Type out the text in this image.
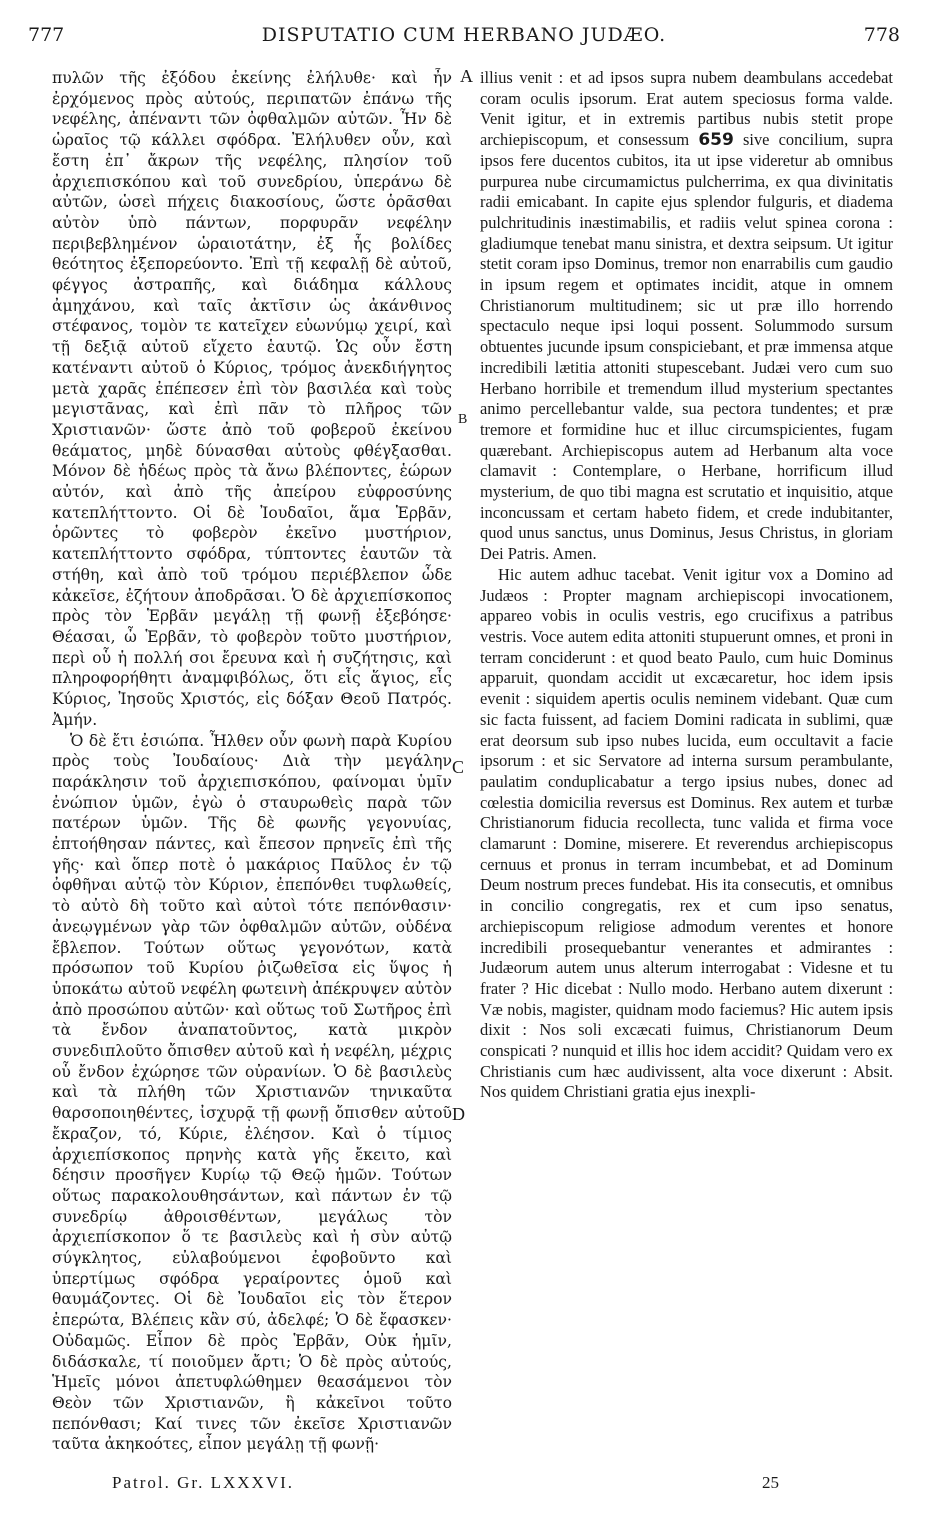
777	DISPUTATIO CUM HERBANO JUDÆO.	778

πυλῶν τῆς ἐξόδου ἐκείνης ἐλήλυθε· καὶ ἦν ἐρχόμενος πρὸς αὐτούς, περιπατῶν ἐπάνω τῆς νεφέλης, ἀπέναντι τῶν ὀφθαλμῶν αὐτῶν. Ἦν δὲ ὡραῖος τῷ κάλλει σφόδρα. Ἐλήλυθεν οὖν, καὶ ἔστη ἐπ᾽ ἄκρων τῆς νεφέλης, πλησίον τοῦ ἀρχιεπισκόπου καὶ τοῦ συνεδρίου, ὑπεράνω δὲ αὐτῶν, ὡσεὶ πήχεις διακοσίους, ὥστε ὁρᾶσθαι αὐτὸν ὑπὸ πάντων, πορφυρᾶν νεφέλην περιβεβλημένον ὡραιοτάτην, ἐξ ἧς βολίδες θεότητος ἐξεπορεύοντο. Ἐπὶ τῇ κεφαλῇ δὲ αὐτοῦ, φέγγος ἀστραπῆς, καὶ διάδημα κάλλους ἀμηχάνου, καὶ ταῖς ἀκτῖσιν ὡς ἀκάνθινος στέφανος, τομὸν τε κατεῖχεν εὐωνύμῳ χειρί, καὶ τῇ δεξιᾷ αὐτοῦ εἴχετο ἑαυτῷ. Ὡς οὖν ἔστη κατέναντι αὐτοῦ ὁ Κύριος, τρόμος ἀνεκδιήγητος μετὰ χαρᾶς ἐπέπεσεν ἐπὶ τὸν βασιλέα καὶ τοὺς μεγιστᾶνας, καὶ ἐπὶ πᾶν τὸ πλῆρος τῶν Χριστιανῶν· ὥστε ἀπὸ τοῦ φοβεροῦ ἐκείνου θεάματος, μηδὲ δύνασθαι αὐτοὺς φθέγξασθαι. Μόνον δὲ ἡδέως πρὸς τὰ ἄνω βλέποντες, ἑώρων αὐτόν, καὶ ἀπὸ τῆς ἀπείρου εὐφροσύνης κατεπλήττοντο. Οἱ δὲ Ἰουδαῖοι, ἅμα Ἑρβᾶν, ὁρῶντες τὸ φοβερὸν ἐκεῖνο μυστήριον, κατεπλήττοντο σφόδρα, τύπτοντες ἑαυτῶν τὰ στήθη, καὶ ἀπὸ τοῦ τρόμου περιέβλεπον ὧδε κἀκεῖσε, ἐζήτουν ἀποδρᾶσαι. Ὁ δὲ ἀρχιεπίσκοπος πρὸς τὸν Ἑρβᾶν μεγάλῃ τῇ φωνῇ ἐξεβόησε· Θέασαι, ὦ Ἑρβᾶν, τὸ φοβερὸν τοῦτο μυστήριον, περὶ οὗ ἡ πολλή σοι ἔρευνα καὶ ἡ συζήτησις, καὶ πληροφορήθητι ἀναμφιβόλως, ὅτι εἷς ἅγιος, εἷς Κύριος, Ἰησοῦς Χριστός, εἰς δόξαν Θεοῦ Πατρός. Ἀμήν.

Ὁ δὲ ἔτι ἐσιώπα. Ἦλθεν οὖν φωνὴ παρὰ Κυρίου πρὸς τοὺς Ἰουδαίους· Διὰ τὴν μεγάλην παράκλησιν τοῦ ἀρχιεπισκόπου, φαίνομαι ὑμῖν ἐνώπιον ὑμῶν, ἐγὼ ὁ σταυρωθεὶς παρὰ τῶν πατέρων ὑμῶν. Τῆς δὲ φωνῆς γεγονυίας, ἐπτοήθησαν πάντες, καὶ ἔπεσον πρηνεῖς ἐπὶ τῆς γῆς· καὶ ὅπερ ποτὲ ὁ μακάριος Παῦλος ἐν τῷ ὀφθῆναι αὐτῷ τὸν Κύριον, ἐπεπόνθει τυφλωθείς, τὸ αὐτὸ δὴ τοῦτο καὶ αὐτοὶ τότε πεπόνθασιν· ἀνεῳγμένων γὰρ τῶν ὀφθαλμῶν αὐτῶν, οὐδένα ἔβλεπον. Τούτων οὕτως γεγονότων, κατὰ πρόσωπον τοῦ Κυρίου ῥιζωθεῖσα εἰς ὕψος ἡ ὑποκάτω αὐτοῦ νεφέλη φωτεινὴ ἀπέκρυψεν αὐτὸν ἀπὸ προσώπου αὐτῶν· καὶ οὕτως τοῦ Σωτῆρος ἐπὶ τὰ ἔνδον ἀναπατοῦντος, κατὰ μικρὸν συνεδιπλοῦτο ὄπισθεν αὐτοῦ καὶ ἡ νεφέλη, μέχρις οὗ ἔνδον ἐχώρησε τῶν οὐρανίων. Ὁ δὲ βασιλεὺς καὶ τὰ πλήθη τῶν Χριστιανῶν τηνικαῦτα θαρσοποιηθέντες, ἰσχυρᾷ τῇ φωνῇ ὄπισθεν αὐτοῦ ἔκραζον, τό, Κύριε, ἐλέησον. Καὶ ὁ τίμιος ἀρχιεπίσκοπος πρηνὴς κατὰ γῆς ἔκειτο, καὶ δέησιν προσῆγεν Κυρίῳ τῷ Θεῷ ἡμῶν. Τούτων οὕτως παρακολουθησάντων, καὶ πάντων ἐν τῷ συνεδρίῳ ἀθροισθέντων, μεγάλως τὸν ἀρχιεπίσκοπον ὅ τε βασιλεὺς καὶ ἡ σὺν αὐτῷ σύγκλητος, εὐλαβούμενοι ἐφοβοῦντο καὶ ὑπερτίμως σφόδρα γεραίροντες ὁμοῦ καὶ θαυμάζοντες. Οἱ δὲ Ἰουδαῖοι εἰς τὸν ἕτερον ἐπερώτα, Βλέπεις κἂν σύ, ἀδελφέ; Ὁ δὲ ἔφασκεν· Οὐδαμῶς. Εἶπον δὲ πρὸς Ἑρβᾶν, Οὐκ ἡμῖν, διδάσκαλε, τί ποιοῦμεν ἄρτι; Ὁ δὲ πρὸς αὐτούς, Ἡμεῖς μόνοι ἀπετυφλώθημεν θεασάμενοι τὸν Θεὸν τῶν Χριστιανῶν, ἢ κἀκεῖνοι τοῦτο πεπόνθασι; Καί τινες τῶν ἐκεῖσε Χριστιανῶν ταῦτα ἀκηκοότες, εἶπον μεγάλῃ τῇ φωνῇ·

A
B
C
D

illius venit : et ad ipsos supra nubem deambulans accedebat coram oculis ipsorum. Erat autem speciosus forma valde. Venit igitur, et in extremis partibus nubis stetit prope archiepiscopum, et consessum 659 sive concilium, supra ipsos fere ducentos cubitos, ita ut ipse videretur ab omnibus purpurea nube circumamictus pulcherrima, ex qua divinitatis radii emicabant. In capite ejus splendor fulguris, et diadema pulchritudinis inæstimabilis, et radiis velut spinea corona : gladiumque tenebat manu sinistra, et dextra seipsum. Ut igitur stetit coram ipso Dominus, tremor non enarrabilis cum gaudio in ipsum regem et optimates incidit, atque in omnem Christianorum multitudinem; sic ut præ illo horrendo spectaculo neque ipsi loqui possent. Solummodo sursum obtuentes jucunde ipsum conspiciebant, et præ immensa atque incredibili lætitia attoniti stupescebant. Judæi vero cum suo Herbano horribile et tremendum illud mysterium spectantes animo percellebantur valde, sua pectora tundentes; et præ tremore et formidine huc et illuc circumspicientes, fugam quærebant. Archiepiscopus autem ad Herbanum alta voce clamavit : Contemplare, o Herbane, horrificum illud mysterium, de quo tibi magna est scrutatio et inquisitio, atque inconcussam et certam habeto fidem, et crede indubitanter, quod unus sanctus, unus Dominus, Jesus Christus, in gloriam Dei Patris. Amen.

Hic autem adhuc tacebat. Venit igitur vox a Domino ad Judæos : Propter magnam archiepiscopi invocationem, appareo vobis in oculis vestris, ego crucifixus a patribus vestris. Voce autem edita attoniti stupuerunt omnes, et proni in terram conciderunt : et quod beato Paulo, cum huic Dominus apparuit, quondam accidit ut excæcaretur, hoc idem ipsis evenit : siquidem apertis oculis neminem videbant. Quæ cum sic facta fuissent, ad faciem Domini radicata in sublimi, quæ erat deorsum sub ipso nubes lucida, eum occultavit a facie ipsorum : et sic Servatore ad interna sursum perambulante, paulatim conduplicabatur a tergo ipsius nubes, donec ad cœlestia domicilia reversus est Dominus. Rex autem et turbæ Christianorum fiducia recollecta, tunc valida et firma voce clamarunt : Domine, miserere. Et reverendus archiepiscopus cernuus et pronus in terram incumbebat, et ad Dominum Deum nostrum preces fundebat. His ita consecutis, et omnibus in concilio congregatis, rex et cum ipso senatus, archiepiscopum religiose admodum verentes et honore incredibili prosequebantur venerantes et admirantes : Judæorum autem unus alterum interrogabat : Videsne et tu frater ? Hic dicebat : Nullo modo. Herbano autem dixerunt : Væ nobis, magister, quidnam modo faciemus? Hic autem ipsis dixit : Nos soli excæcati fuimus, Christianorum Deum conspicati ? nunquid et illis hoc idem accidit? Quidam vero ex Christianis cum hæc audivissent, alta voce dixerunt : Absit. Nos quidem Christiani gratia ejus inexpli-

Patrol. Gr. LXXXVI.	25
